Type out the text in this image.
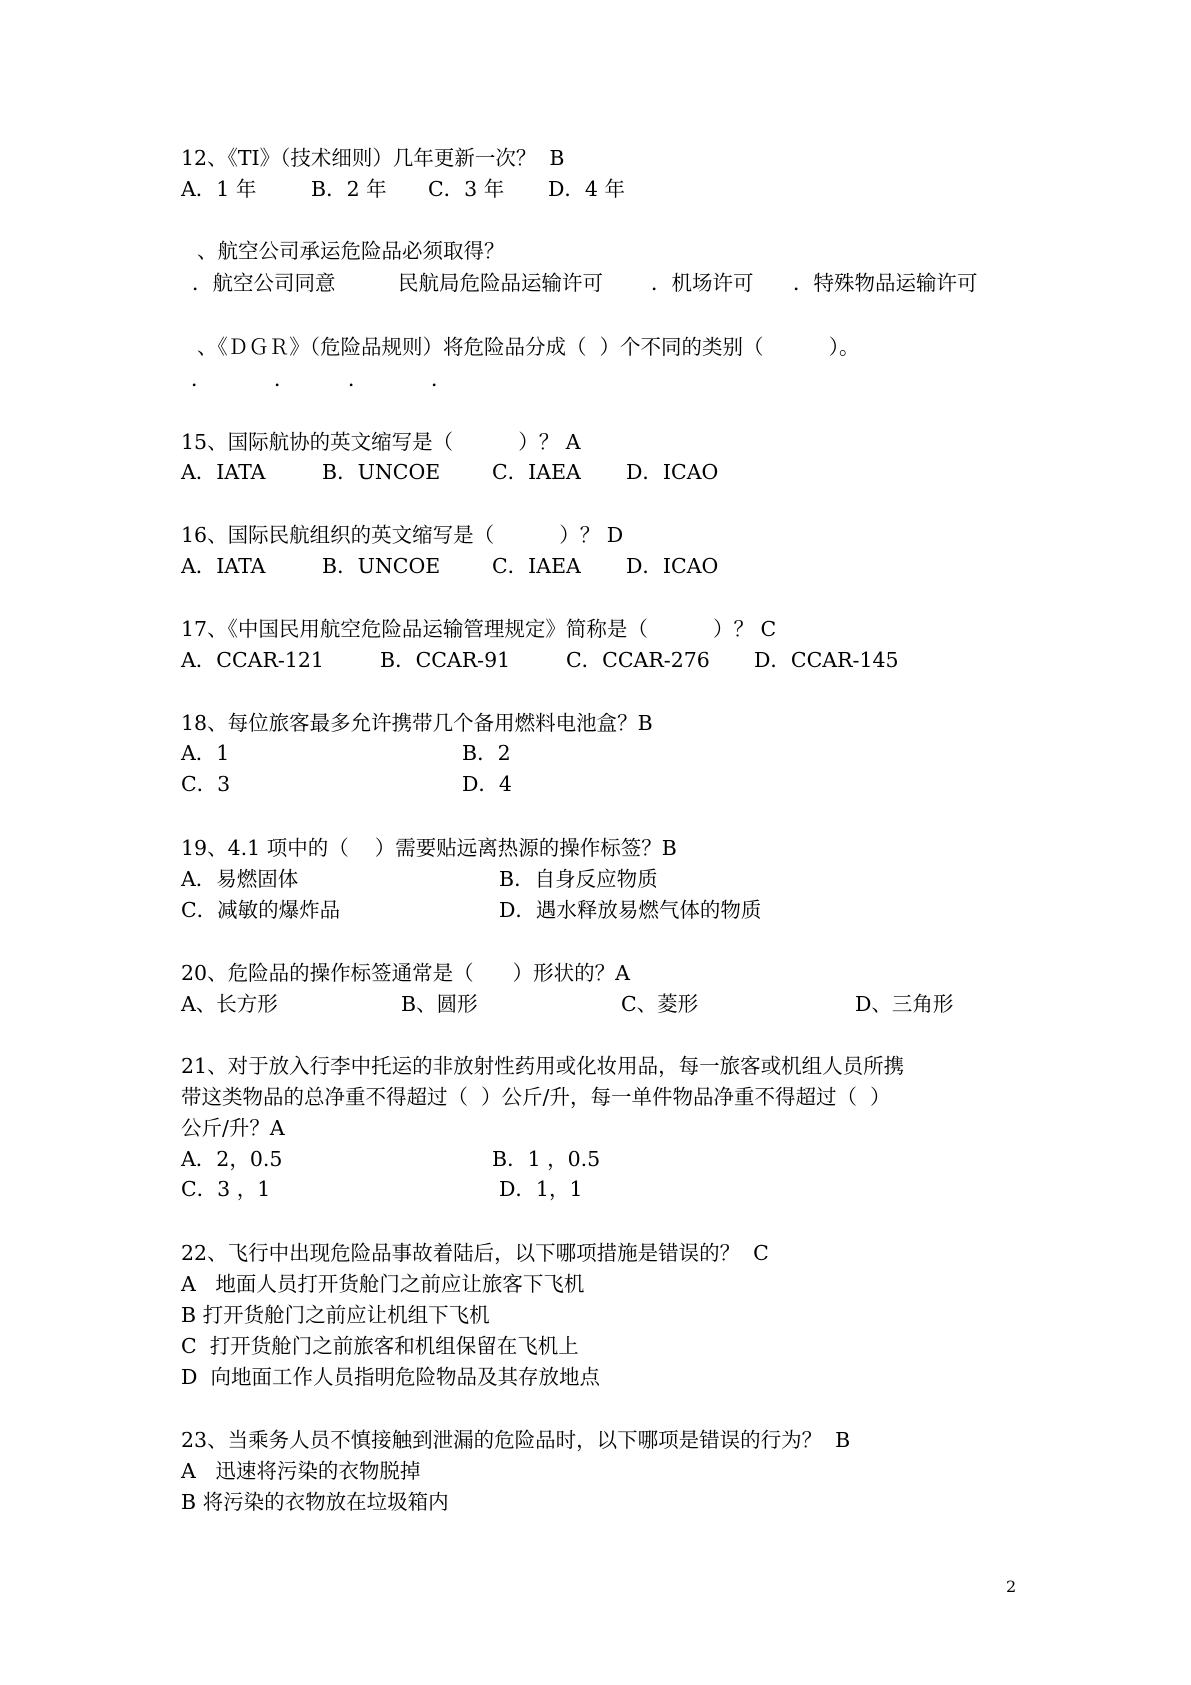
12、《TI》（技术细则）几年更新一次？  B
A．1 年	B．2 年 C．3 年 D．4 年
、航空公司承运危险品必须取得？
．航空公司同意	民航局危险品运输许可 ．机场许可 ．特殊物品运输许可
、《ＤＧＲ》（危险品规则）将危险品分成（  ）个不同的类别（          ）。
．	．	．	．
15、国际航协的英文缩写是（          ）？ A
A．IATA	B．UNCOE	C．IAEA D．ICAO
16、国际民航组织的英文缩写是（          ）？ D
A．IATA	B．UNCOE	C．IAEA D．ICAO
17、《中国民用航空危险品运输管理规定》简称是（          ）？ C
A．CCAR-121	B．CCAR-91	C．CCAR-276 D．CCAR-145
18、每位旅客最多允许携带几个备用燃料电池盒？B
A．1	B．2
C．3	D．4
19、4.1 项中的（    ）需要贴远离热源的操作标签？B
A．易燃固体	B．自身反应物质
C．减敏的爆炸品	D．遇水释放易燃气体的物质
20、危险品的操作标签通常是（      ）形状的？A
A、长方形	B、圆形	C、菱形	D、三角形
21、对于放入行李中托运的非放射性药用或化妆用品，每一旅客或机组人员所携
带这类物品的总净重不得超过（  ）公斤/升，每一单件物品净重不得超过（  ）
公斤/升？A
A．2，0.5	B．1 ，0.5
C．3 ，1	D．1，1
22、飞行中出现危险品事故着陆后，以下哪项措施是错误的？  C
A   地面人员打开货舱门之前应让旅客下飞机
B 打开货舱门之前应让机组下飞机
C  打开货舱门之前旅客和机组保留在飞机上
D  向地面工作人员指明危险物品及其存放地点
23、当乘务人员不慎接触到泄漏的危险品时，以下哪项是错误的行为？  B
A   迅速将污染的衣物脱掉
B 将污染的衣物放在垃圾箱内
2
